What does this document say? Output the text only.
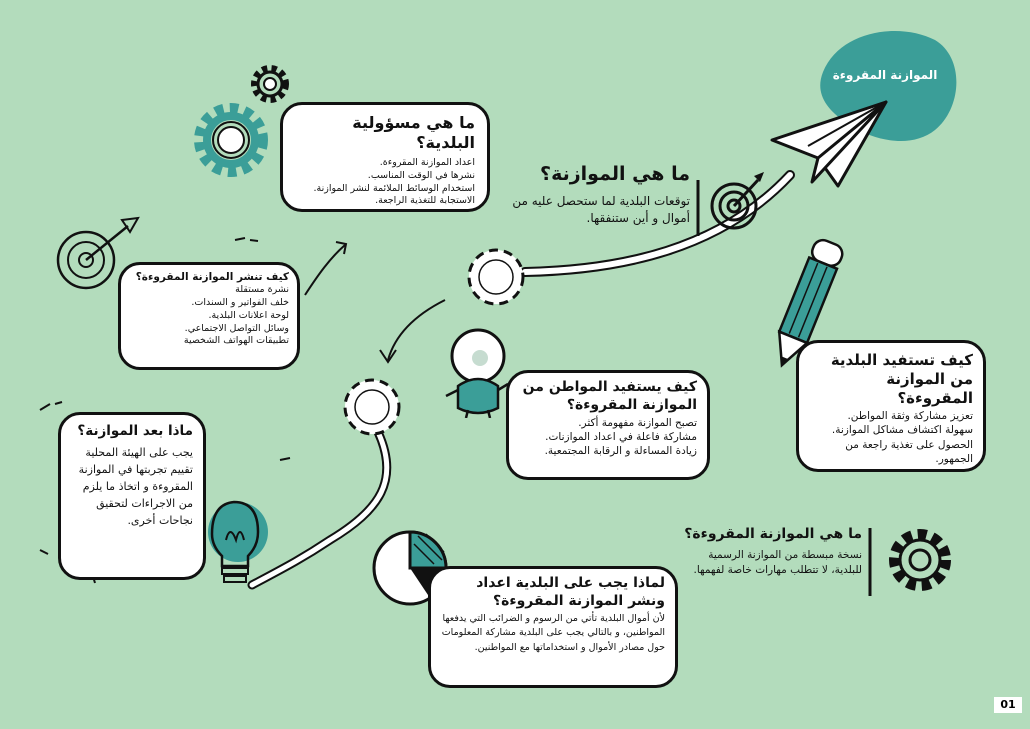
الموازنة المقروءة
ما هي الموازنة؟

توقعات البلدية لما ستحصل عليه من أموال و أين ستنفقها.

ما هي مسؤولية البلدية؟

اعداد الموازنة المقروءة.

نشرها في الوقت المناسب.

استخدام الوسائط الملائمة لنشر الموازنة.

الاستجابة للتغذية الراجعة.

كيف تنشر الموازنة المقروءة؟

نشرة مستقلة

خلف الفواتير و السندات.

لوحة اعلانات البلدية.

وسائل التواصل الاجتماعي.

تطبيقات الهواتف الشخصية

كيف تستفيد البلدية من الموازنة المقروءة؟

تعزيز مشاركة وثقة المواطن.

سهولة اكتشاف مشاكل الموازنة.

الحصول على تغذية راجعة من الجمهور.

كيف يستفيد المواطن من الموازنة المقروءة؟

تصبح الموازنة مفهومة أكثر.

مشاركة فاعلة في اعداد الموازنات.

زيادة المساءلة و الرقابة المجتمعية.

ماذا بعد الموازنة؟

يجب على الهيئة المحلية تقييم تجربتها في الموازنة المقروءة و اتخاذ ما يلزم من الاجراءات لتحقيق نجاحات أخرى.

ما هي الموازنة المقروءة؟

نسخة مبسطة من الموازنة الرسمية للبلدية، لا تتطلب مهارات خاصة لفهمها.

لماذا يجب على البلدية اعداد ونشر الموازنة المقروءة؟

لأن أموال البلدية تأتي من الرسوم و الضرائب التي يدفعها المواطنين، و بالتالي يجب على البلدية مشاركة المعلومات حول مصادر الأموال و استخداماتها مع المواطنين.

01
